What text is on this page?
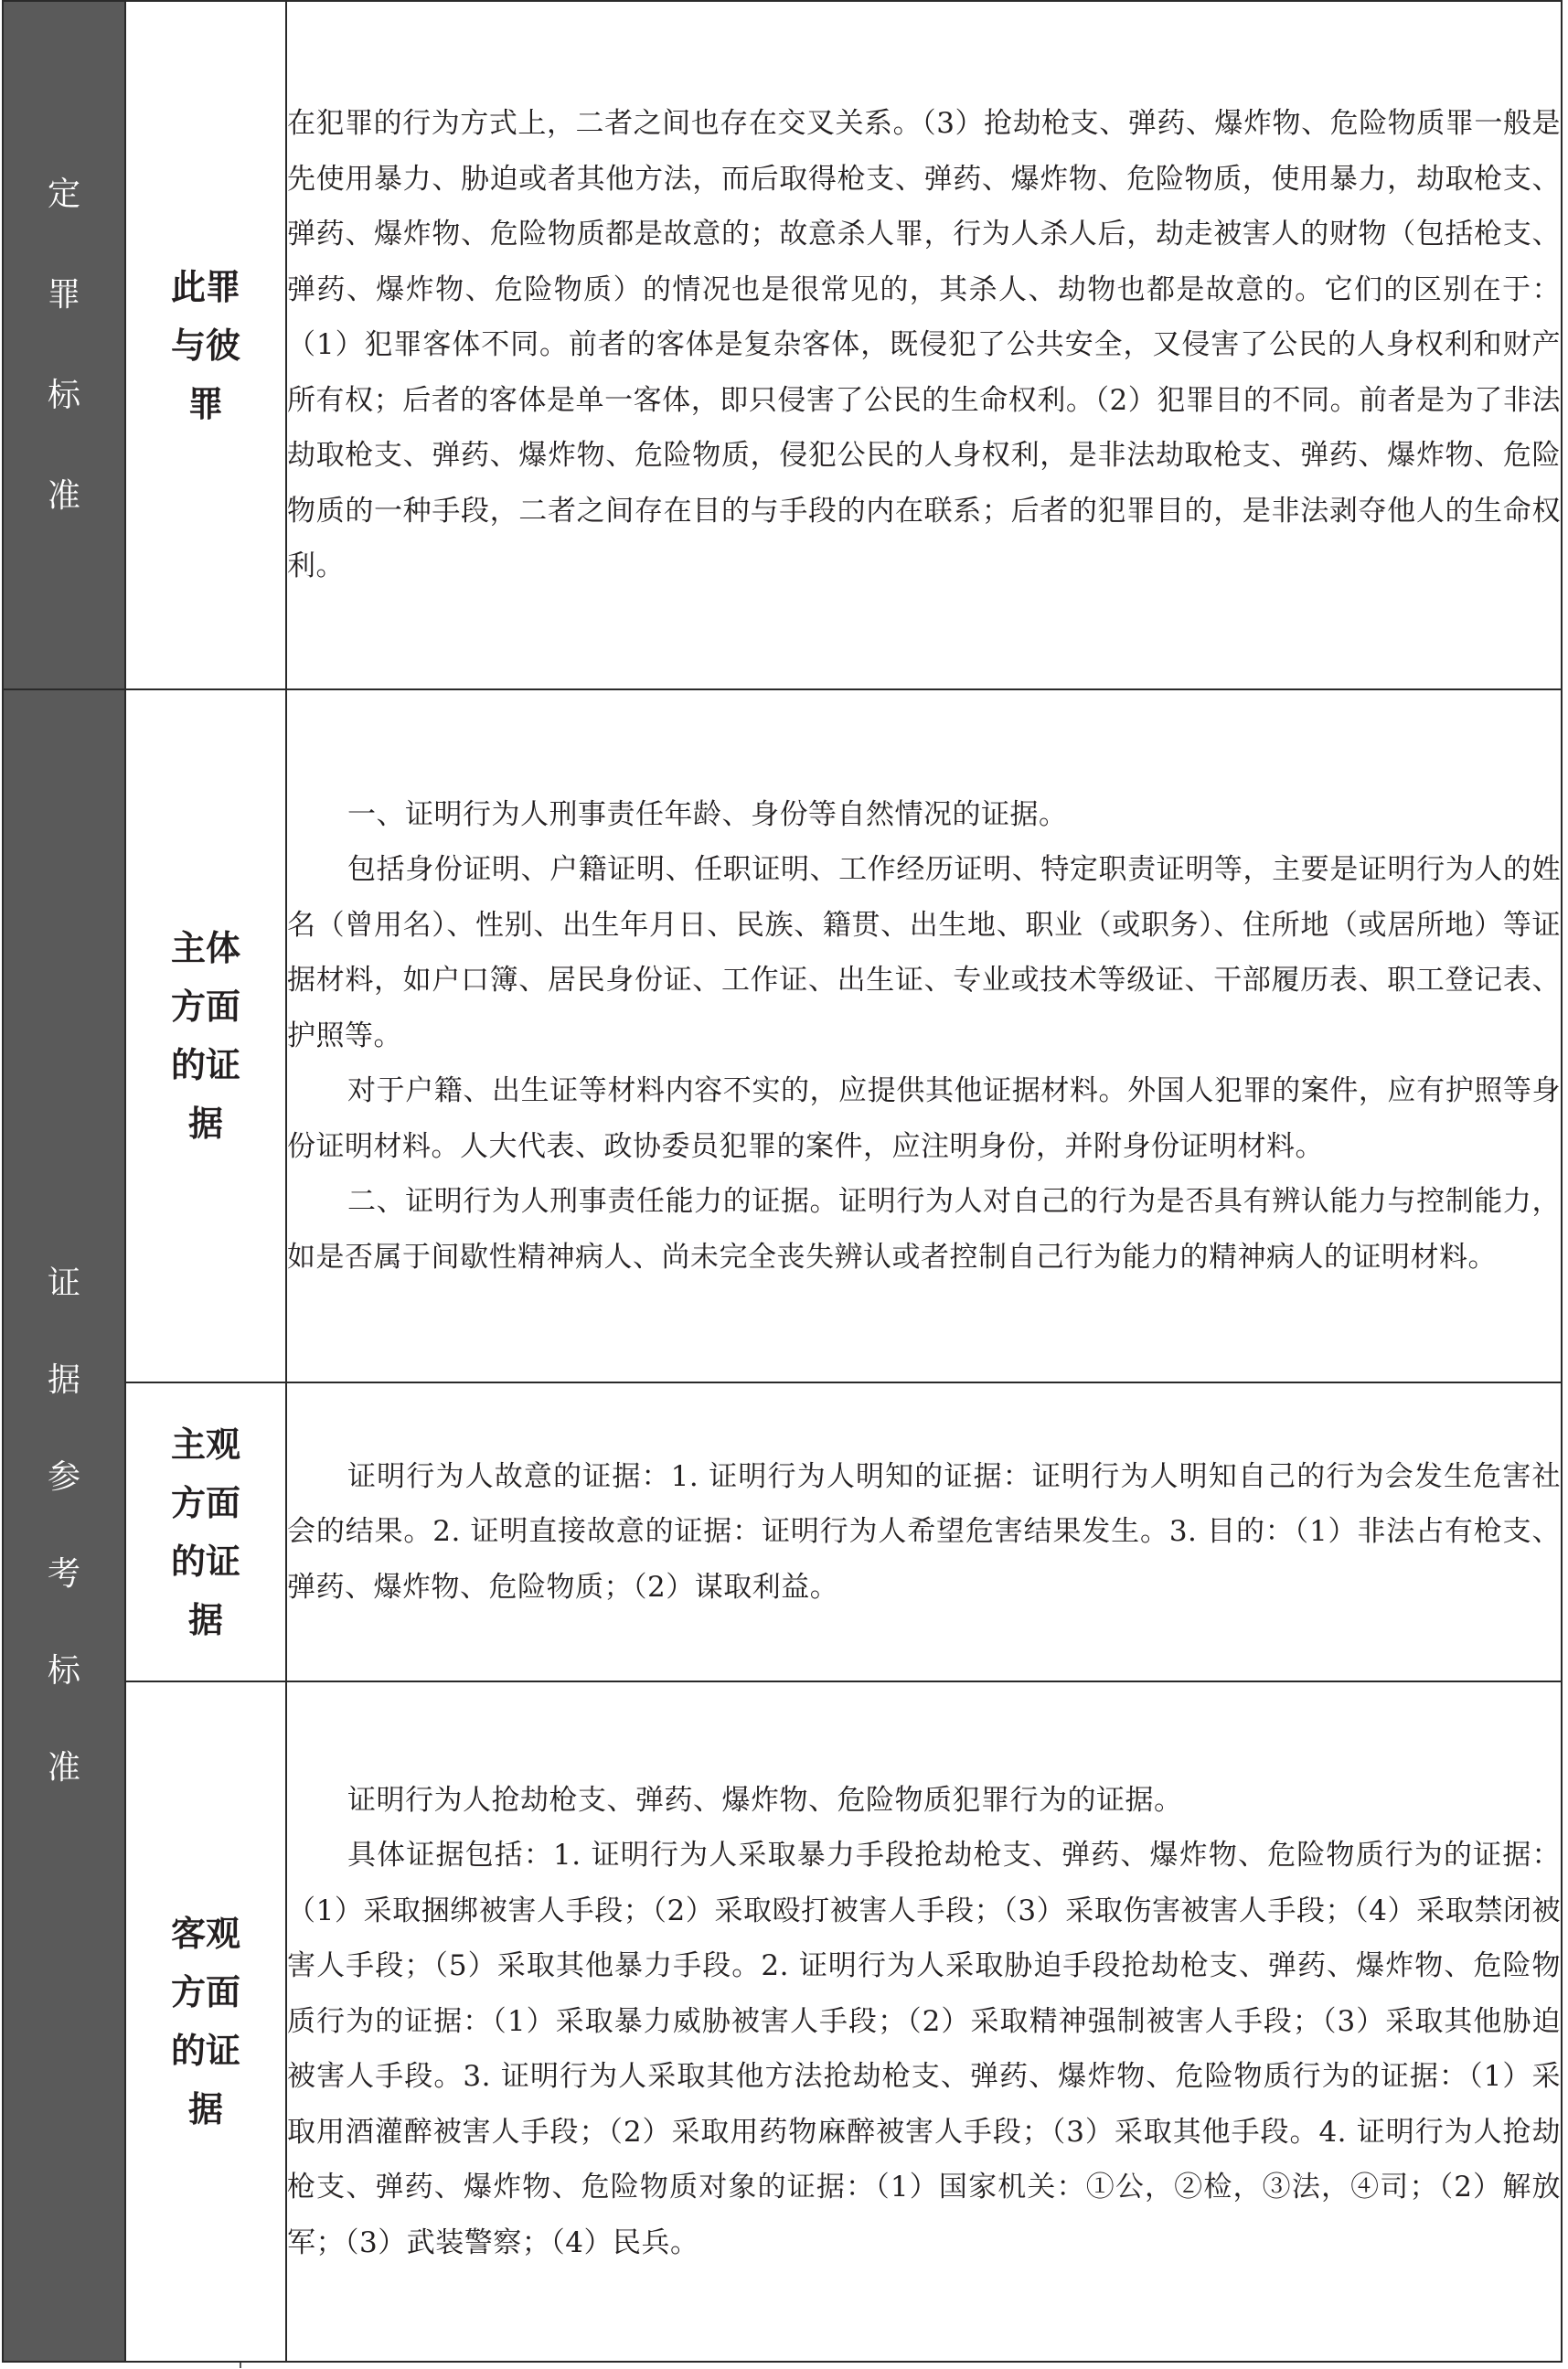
定罪标准	此罪与彼罪	在犯罪的行为方式上，二者之间也存在交叉关系。（3）抢劫枪支、弹药、爆炸物、危险物质罪一般是先使用暴力、胁迫或者其他方法，而后取得枪支、弹药、爆炸物、危险物质，使用暴力，劫取枪支、弹药、爆炸物、危险物质都是故意的；故意杀人罪，行为人杀人后，劫走被害人的财物（包括枪支、弹药、爆炸物、危险物质）的情况也是很常见的，其杀人、劫物也都是故意的。它们的区别在于：（1）犯罪客体不同。前者的客体是复杂客体，既侵犯了公共安全，又侵害了公民的人身权利和财产所有权；后者的客体是单一客体，即只侵害了公民的生命权利。（2）犯罪目的不同。前者是为了非法劫取枪支、弹药、爆炸物、危险物质，侵犯公民的人身权利，是非法劫取枪支、弹药、爆炸物、危险物质的一种手段，二者之间存在目的与手段的内在联系；后者的犯罪目的，是非法剥夺他人的生命权利。

证据参考标准	主体方面的证据	一、证明行为人刑事责任年龄、身份等自然情况的证据。

包括身份证明、户籍证明、任职证明、工作经历证明、特定职责证明等，主要是证明行为人的姓名（曾用名）、性别、出生年月日、民族、籍贯、出生地、职业（或职务）、住所地（或居所地）等证据材料，如户口簿、居民身份证、工作证、出生证、专业或技术等级证、干部履历表、职工登记表、护照等。

对于户籍、出生证等材料内容不实的，应提供其他证据材料。外国人犯罪的案件，应有护照等身份证明材料。人大代表、政协委员犯罪的案件，应注明身份，并附身份证明材料。

二、证明行为人刑事责任能力的证据。证明行为人对自己的行为是否具有辨认能力与控制能力，如是否属于间歇性精神病人、尚未完全丧失辨认或者控制自己行为能力的精神病人的证明材料。

	主观方面的证据	证明行为人故意的证据：1. 证明行为人明知的证据：证明行为人明知自己的行为会发生危害社会的结果。2. 证明直接故意的证据：证明行为人希望危害结果发生。3. 目的：（1）非法占有枪支、弹药、爆炸物、危险物质；（2）谋取利益。

	客观方面的证据	证明行为人抢劫枪支、弹药、爆炸物、危险物质犯罪行为的证据。

具体证据包括：1. 证明行为人采取暴力手段抢劫枪支、弹药、爆炸物、危险物质行为的证据：（1）采取捆绑被害人手段；（2）采取殴打被害人手段；（3）采取伤害被害人手段；（4）采取禁闭被害人手段；（5）采取其他暴力手段。2. 证明行为人采取胁迫手段抢劫枪支、弹药、爆炸物、危险物质行为的证据：（1）采取暴力威胁被害人手段；（2）采取精神强制被害人手段；（3）采取其他胁迫被害人手段。3. 证明行为人采取其他方法抢劫枪支、弹药、爆炸物、危险物质行为的证据：（1）采取用酒灌醉被害人手段；（2）采取用药物麻醉被害人手段；（3）采取其他手段。4. 证明行为人抢劫枪支、弹药、爆炸物、危险物质对象的证据：（1）国家机关：①公，②检，③法，④司；（2）解放军；（3）武装警察；（4）民兵。
